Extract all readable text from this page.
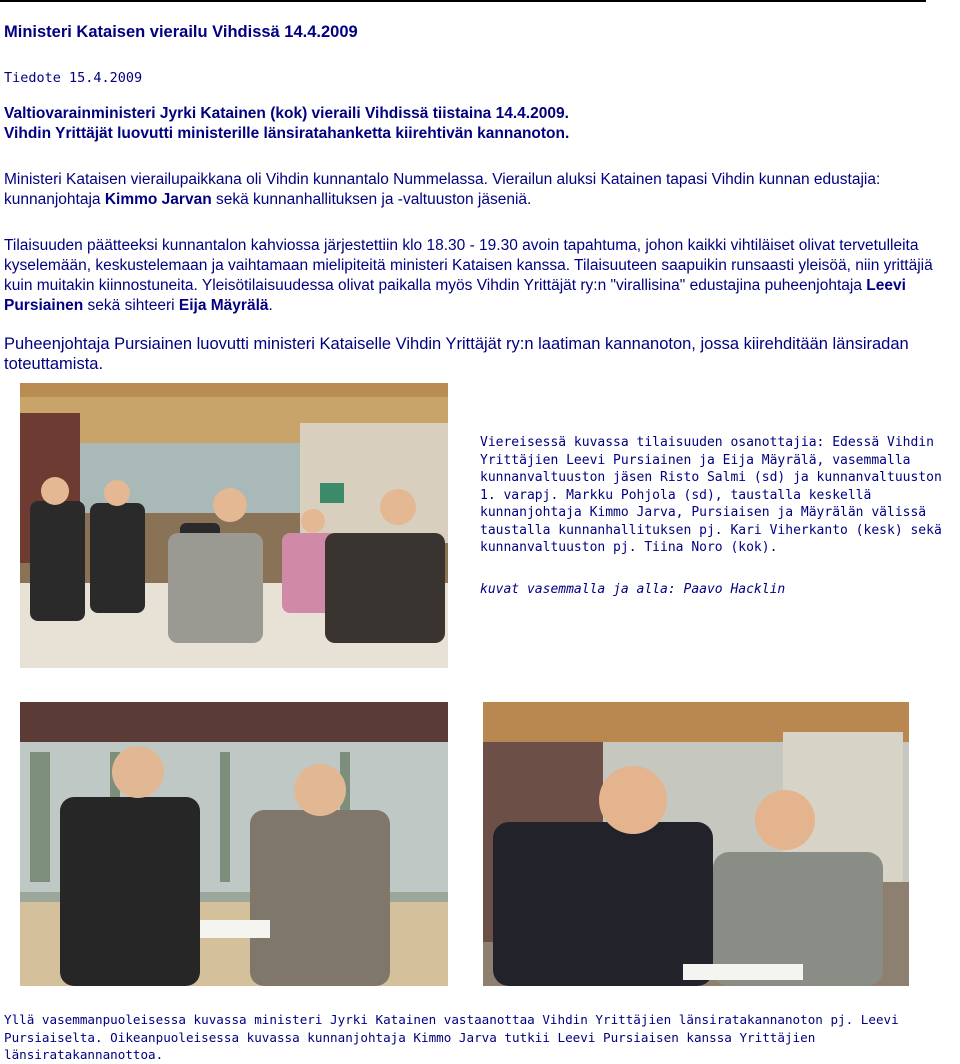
Ministeri Kataisen vierailu Vihdissä 14.4.2009

Tiedote 15.4.2009

Valtiovarainministeri Jyrki Katainen (kok) vieraili Vihdissä tiistaina 14.4.2009.
Vihdin Yrittäjät luovutti ministerille länsiratahanketta kiirehtivän kannanoton.

Ministeri Kataisen vierailupaikkana oli Vihdin kunnantalo Nummelassa. Vierailun aluksi Katainen tapasi Vihdin kunnan edustajia: kunnanjohtaja Kimmo Jarvan sekä kunnanhallituksen ja -valtuuston jäseniä.

Tilaisuuden päätteeksi kunnantalon kahviossa järjestettiin klo 18.30 - 19.30 avoin tapahtuma, johon kaikki vihtiläiset olivat tervetulleita kyselemään, keskustelemaan ja vaihtamaan mielipiteitä ministeri Kataisen kanssa. Tilaisuuteen saapuikin runsaasti yleisöä, niin yrittäjiä kuin muitakin kiinnostuneita. Yleisötilaisuudessa olivat paikalla myös Vihdin Yrittäjät ry:n "virallisina" edustajina puheenjohtaja Leevi Pursiainen sekä sihteeri Eija Mäyrälä.

Puheenjohtaja Pursiainen luovutti ministeri Kataiselle Vihdin Yrittäjät ry:n laatiman kannanoton, jossa kiirehditään länsiradan toteuttamista.

Viereisessä kuvassa tilaisuuden osanottajia: Edessä Vihdin Yrittäjien Leevi Pursiainen ja Eija Mäyrälä, vasemmalla kunnanvaltuuston jäsen Risto Salmi (sd) ja kunnanvaltuuston 1. varapj. Markku Pohjola (sd), taustalla keskellä kunnanjohtaja Kimmo Jarva, Pursiaisen ja Mäyrälän välissä taustalla kunnanhallituksen pj. Kari Viherkanto (kesk) sekä kunnanvaltuuston pj. Tiina Noro (kok).

kuvat vasemmalla ja alla: Paavo Hacklin

Yllä vasemmanpuoleisessa kuvassa ministeri Jyrki Katainen vastaanottaa Vihdin Yrittäjien länsiratakannanoton pj. Leevi Pursiaiselta. Oikeanpuoleisessa kuvassa kunnanjohtaja Kimmo Jarva tutkii Leevi Pursiaisen kanssa Yrittäjien länsiratakannanottoa.
